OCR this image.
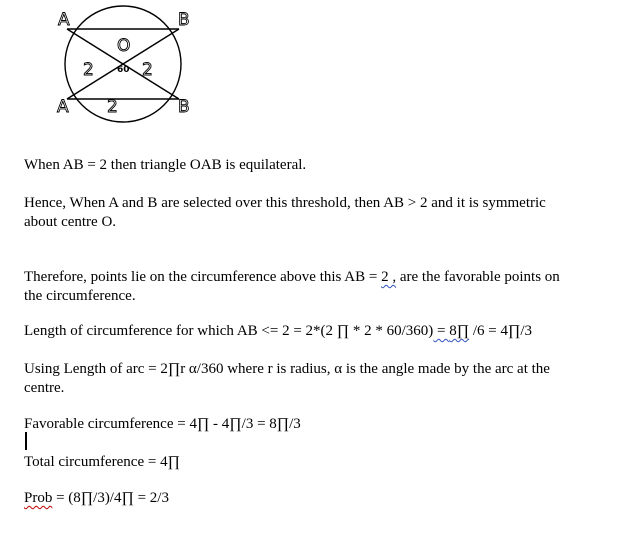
A	B
O
2	2
A 2	B
60
When AB = 2 then triangle OAB is equilateral.
Hence, When A and B are selected over this threshold, then AB > 2 and it is symmetric
about centre O.
Therefore, points lie on the circumference above this AB = 2 , are the favorable points on
the circumference.
Length of circumference for which AB <= 2 = 2*(2 ∏ * 2 * 60/360) = 8∏ /6 = 4∏/3
Using Length of arc = 2∏r α/360 where r is radius, α is the angle made by the arc at the
centre.
Favorable circumference = 4∏ - 4∏/3 = 8∏/3
Total circumference = 4∏
Prob = (8∏/3)/4∏ = 2/3
